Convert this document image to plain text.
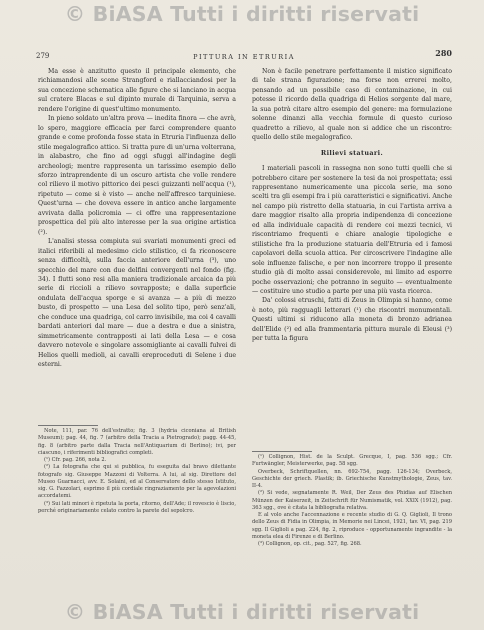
© BiASA Tutti i diritti riservati
279	PITTURA IN ETRURIA	280

Ma esse è anzitutto questo il principale elemento, che richiamandosi alle scene Strangford e riallacciandosi per la sua concezione schematica alle figure che si lanciano in acqua sul cratere Blacas e sul dipinto murale di Tarquinia, serva a rendere l'origine di quest'ultimo monumento.

In pieno soldato un'altra prova — inedita finora — che avrà, lo spero, maggiore efficacia per farci comprendere quanto grande e come profonda fosse stata in Etruria l'influenza dello stile megalografico attico. Si tratta pure di un'urna volterrana, in alabastro, che fino ad oggi sfuggì all'indagine degli archeologi; mentre rappresenta un tarissimo esempio dello sforzo intraprendente di un oscuro artista che volle rendere col rilievo il motivo pittorico dei pesci guizzanti nell'acqua (¹), ripetuto — come si è visto — anche nell'affresco tarquiniese. Quest'urna — che doveva essere in antico anche largamente avvivata dalla policromia — ci offre una rappresentazione prospettica del più alto interesse per la sua origine artistica (²).

L'analisi stessa compiuta sui svariati monumenti greci ed italici riferibili al medesimo ciclo stilistico, ci fa riconoscere senza difficoltà, sulla faccia anteriore dell'urna (³), uno specchio del mare con due delfini convergenti nel fondo (fig. 34). I flutti sono resi alla maniera tradizionale arcaica da più serie di riccioli a rilievo sovrapposte; e dalla superficie ondulata dell'acqua sporge e si avanza — a più di mezzo busto, di prospetto — una Lesa del solito tipo, però senz'ali, che conduce una quadriga, col carro invisibile, ma coi 4 cavalli bardati anteriori dal mare — due a destra e due a sinistra, simmetricamente contrapposti ai lati della Lesa — e cosa davvero notevole e singolare assomigliante ai cavalli fulvei di Helios quelli medioli, ai cavalli ereproceduti di Selene i due esterni.

Non è facile penetrare perfettamente il mistico significato di tale strana figurazione; ma forse non errerei molto, pensando ad un possibile caso di contaminazione, in cui potesse il ricordo della quadriga di Helios sorgente dal mare, la sua potrà citare altro esempio del genere: ma formulazione solenne dinanzi alla vecchia formule di questo curioso quadretto a rilievo, al quale non si addice che un riscontro: quello dello stile megalografico.

Rilievi statuari.

I materiali pascoli in rassegna non sono tutti quelli che si potrebbero citare per sostenere la tesi da noi prospettata; essi rappresentano numericamente una piccola serie, ma sono scelti tra gli esempi fra i più caratteristici e significativi. Anche nel campo più ristretto della statuaria, in cui l'artista arriva a dare maggior risalto alla propria indipendenza di concezione ed alla individuale capacità di rendere coi mezzi tecnici, vi riscontriamo frequenti e chiare analogie tipologiche e stilistiche fra la produzione statuaria dell'Etruria ed i famosi capolavori della scuola attica. Per circoscrivere l'indagine alle sole influenze falische, e per non incorrere troppo il presente studio già di molto assai considerevole, mi limito ad esporre poche osservazioni; che potranno in seguito — eventualmente — costituire uno studio a parte per una più vasta ricerca.

Da' colossi etruschi, fatti di Zeus in Olimpia si hanno, come è noto, più ragguagli letterari (¹) che riscontri monumentali. Questi ultimi si riducono alla moneta di bronzo adrianea dell'Elide (²) ed alla frammentaria pittura murale di Eleusi (³) per tutta la figura

Note, 111, par. 76 dell'estratto; fig. 3 (hydria ciconiana al British Museum); pag. 44, fig. 7 (arbitro della Tracia a Pietrogrado); pagg. 44-45, fig. 8 (arbitro parte dalla Tracia nell'Antiquarium di Berlino); ivi, per ciascuno, i riferimenti bibliografici completi.

(¹) Cfr. pag. 266, nota 2.

(²) La fotografia che qui si pubblica, fu eseguita dal bravo dilettante fotografo sig. Giuseppe Mazzoni di Volterra. A lui, al sig. Direttore del Museo Guarnacci, avv. E. Solaini, ed al Conservatore dello stesso Istituto, sig. G. Fazzolari, esprimo il più cordiale ringraziamento per la agevolazioni accordatemi.

(³) Sui lati minori è ripetuta la porta, ritorno, dell'Ade; il rovescio è liscio, perché originariamente celato contro la parete del sepolcro.

(¹) Collignon, Hist. de la Sculpt. Grecque, I, pag. 536 sgg.; Cfr. Furtwängler, Meisterwerke, pag. 58 sgg.

Overbeck, Schriftquellen, nn. 692-754, pagg. 126-134; Overbeck, Geschichte der griech. Plastik; ib. Griechische Kunstmythologie, Zeus, tav. II-4.

(²) Si vede, segnatamente R. Weil, Der Zeus des Phidias auf Elischen Münzen der Kaiserzeit, in Zeitschrift für Numismatik, vol. XXIX (1912), pag. 363 sgg., ove è citata la bibliografia relativa.

E al volo anche l'accennazione e recente studio di G. Q. Giglioli, Il trono dello Zeus di Fidia in Olimpia, in Memorie nei Lincei, 1921, tav. VI, pag. 219 sgg. Il Giglioli a pag. 224, fig. 2, riproduce - opportunamente ingrandite - la moneta elea di Firenze e di Berlino.

(³) Collignon, op. cit., pag. 527, fig. 268.

© BiASA Tutti i diritti riservati
